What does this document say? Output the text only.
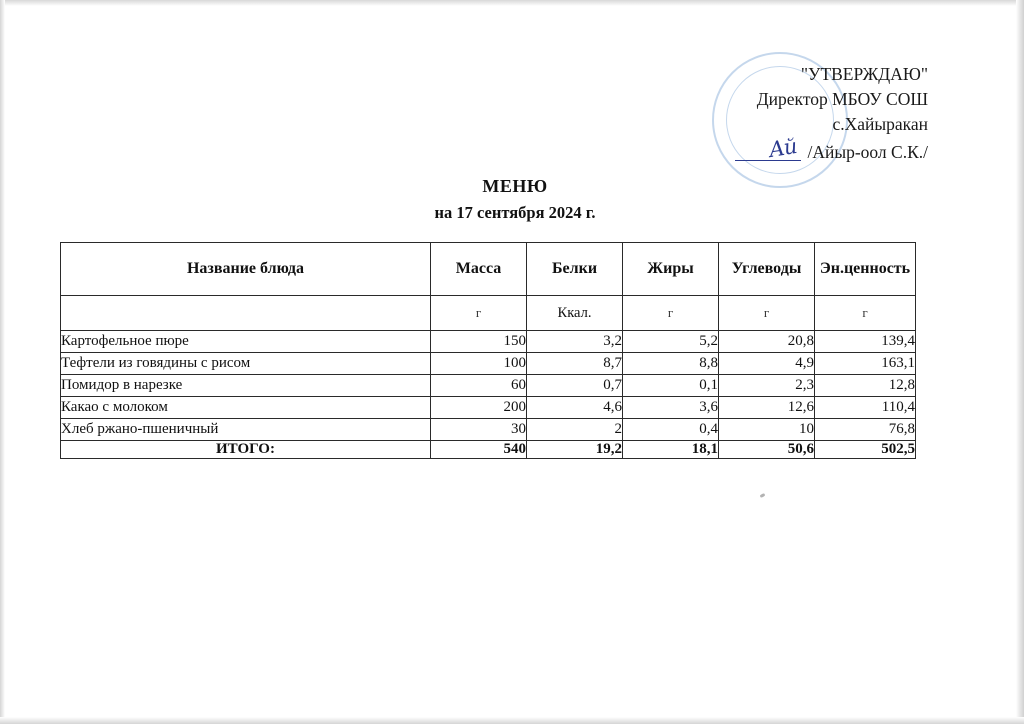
"УТВЕРЖДАЮ"
Директор МБОУ СОШ
с.Хайыракан
Ай /Айыр-оол С.К./
МЕНЮ
на 17 сентября 2024 г.
Название блюда	Масса	Белки	Жиры	Углеводы	Эн.ценность
	г	Ккал.	г	г	г
Картофельное пюре	150	3,2	5,2	20,8	139,4
Тефтели из говядины с рисом	100	8,7	8,8	4,9	163,1
Помидор в нарезке	60	0,7	0,1	2,3	12,8
Какао с молоком	200	4,6	3,6	12,6	110,4
Хлеб ржано-пшеничный	30	2	0,4	10	76,8
ИТОГО:	540	19,2	18,1	50,6	502,5
